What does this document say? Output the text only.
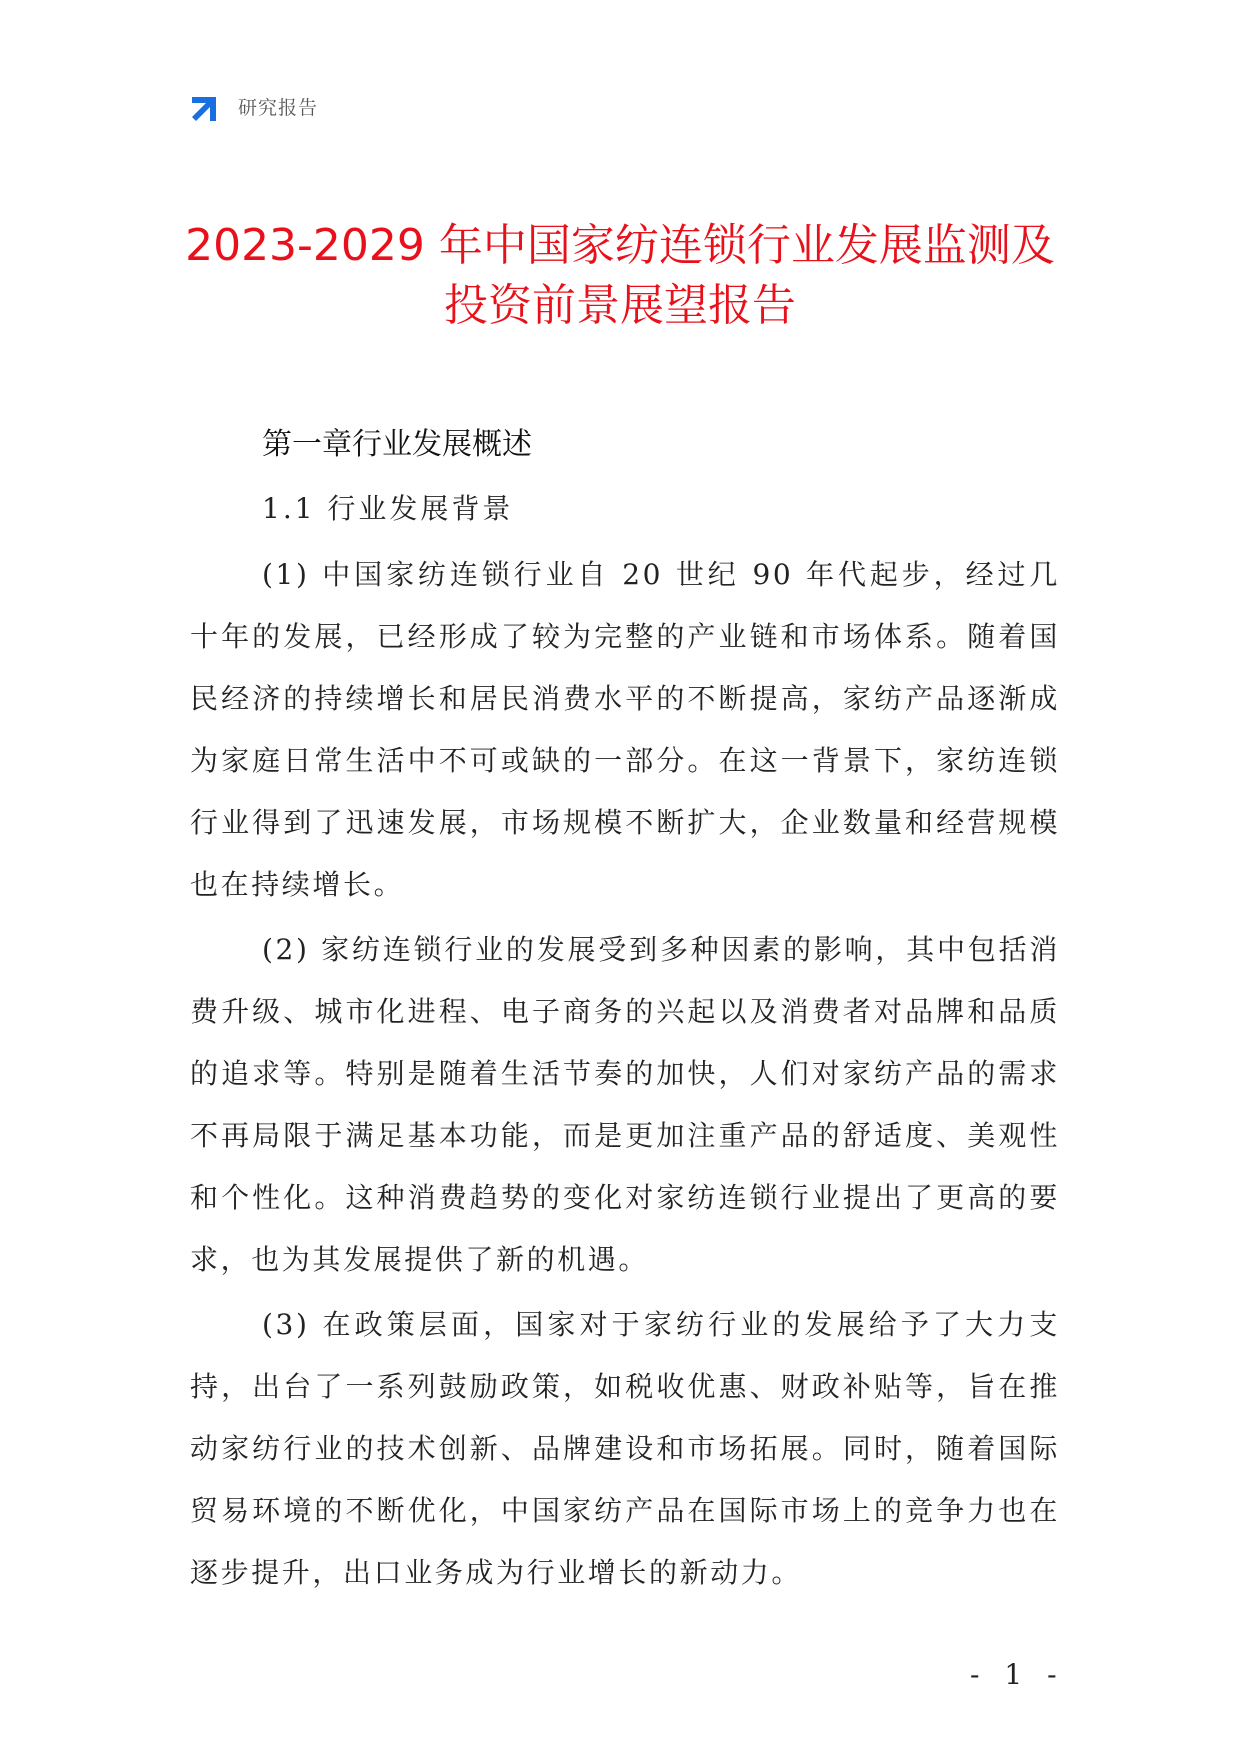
研究报告
2023-2029 年中国家纺连锁行业发展监测及
投资前景展望报告
第一章行业发展概述
1.1 行业发展背景

(1) 中国家纺连锁行业自 20 世纪 90 年代起步，经过几十年的发展，已经形成了较为完整的产业链和市场体系。随着国民经济的持续增长和居民消费水平的不断提高，家纺产品逐渐成为家庭日常生活中不可或缺的一部分。在这一背景下，家纺连锁行业得到了迅速发展，市场规模不断扩大，企业数量和经营规模也在持续增长。

(2) 家纺连锁行业的发展受到多种因素的影响，其中包括消费升级、城市化进程、电子商务的兴起以及消费者对品牌和品质的追求等。特别是随着生活节奏的加快，人们对家纺产品的需求不再局限于满足基本功能，而是更加注重产品的舒适度、美观性和个性化。这种消费趋势的变化对家纺连锁行业提出了更高的要求，也为其发展提供了新的机遇。

(3) 在政策层面，国家对于家纺行业的发展给予了大力支持，出台了一系列鼓励政策，如税收优惠、财政补贴等，旨在推动家纺行业的技术创新、品牌建设和市场拓展。同时，随着国际贸易环境的不断优化，中国家纺产品在国际市场上的竞争力也在逐步提升，出口业务成为行业增长的新动力。

- 1 -
